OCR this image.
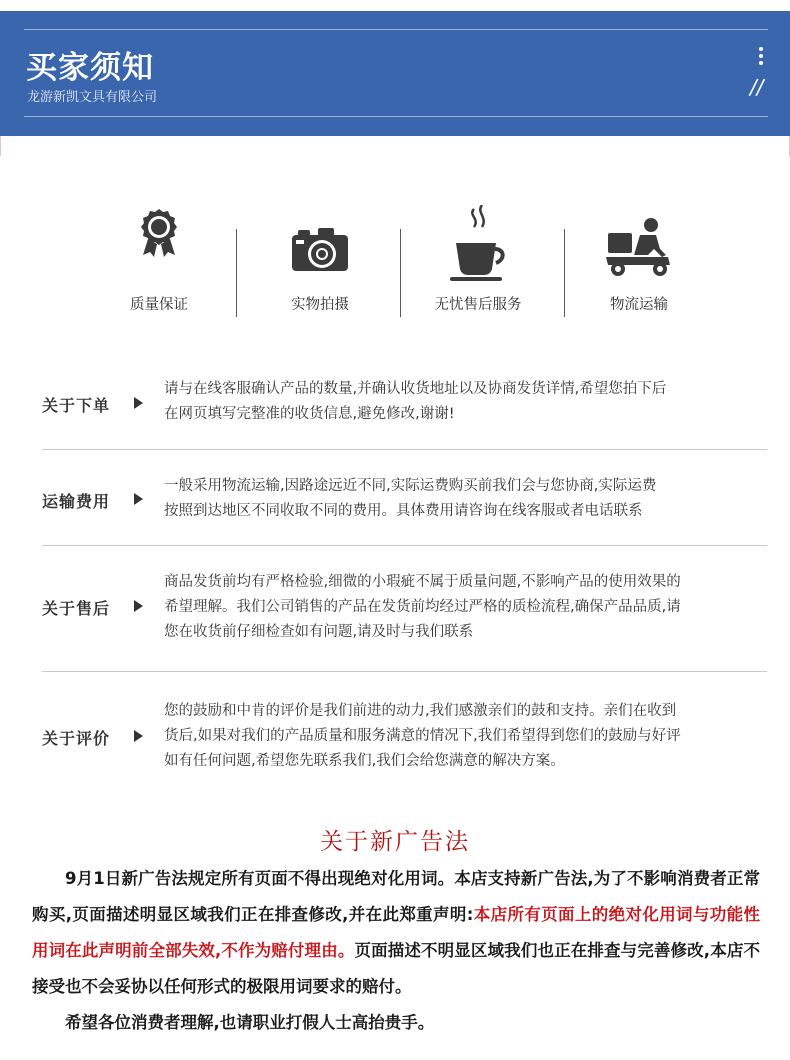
买家须知
龙游新凯文具有限公司	//
质量保证	实物拍摄	无忧售后服务	物流运输
关于下单
请与在线客服确认产品的数量,并确认收货地址以及协商发货详情,希望您拍下后
在网页填写完整准的收货信息,避免修改,谢谢!
运输费用
一般采用物流运输,因路途远近不同,实际运费购买前我们会与您协商,实际运费
按照到达地区不同收取不同的费用。具体费用请咨询在线客服或者电话联系
关于售后
商品发货前均有严格检验,细微的小瑕疵不属于质量问题,不影响产品的使用效果的
希望理解。我们公司销售的产品在发货前均经过严格的质检流程,确保产品品质,请
您在收货前仔细检查如有问题,请及时与我们联系
关于评价
您的鼓励和中肯的评价是我们前进的动力,我们感激亲们的鼓和支持。亲们在收到
货后,如果对我们的产品质量和服务满意的情况下,我们希望得到您们的鼓励与好评
如有任何问题,希望您先联系我们,我们会给您满意的解决方案。
关于新广告法

9月1日新广告法规定所有页面不得出现绝对化用词。本店支持新广告法,为了不影响消费者正常购买,页面描述明显区域我们正在排查修改,并在此郑重声明:本店所有页面上的绝对化用词与功能性用词在此声明前全部失效,不作为赔付理由。页面描述不明显区域我们也正在排查与完善修改,本店不接受也不会妥协以任何形式的极限用词要求的赔付。

希望各位消费者理解,也请职业打假人士高抬贵手。
